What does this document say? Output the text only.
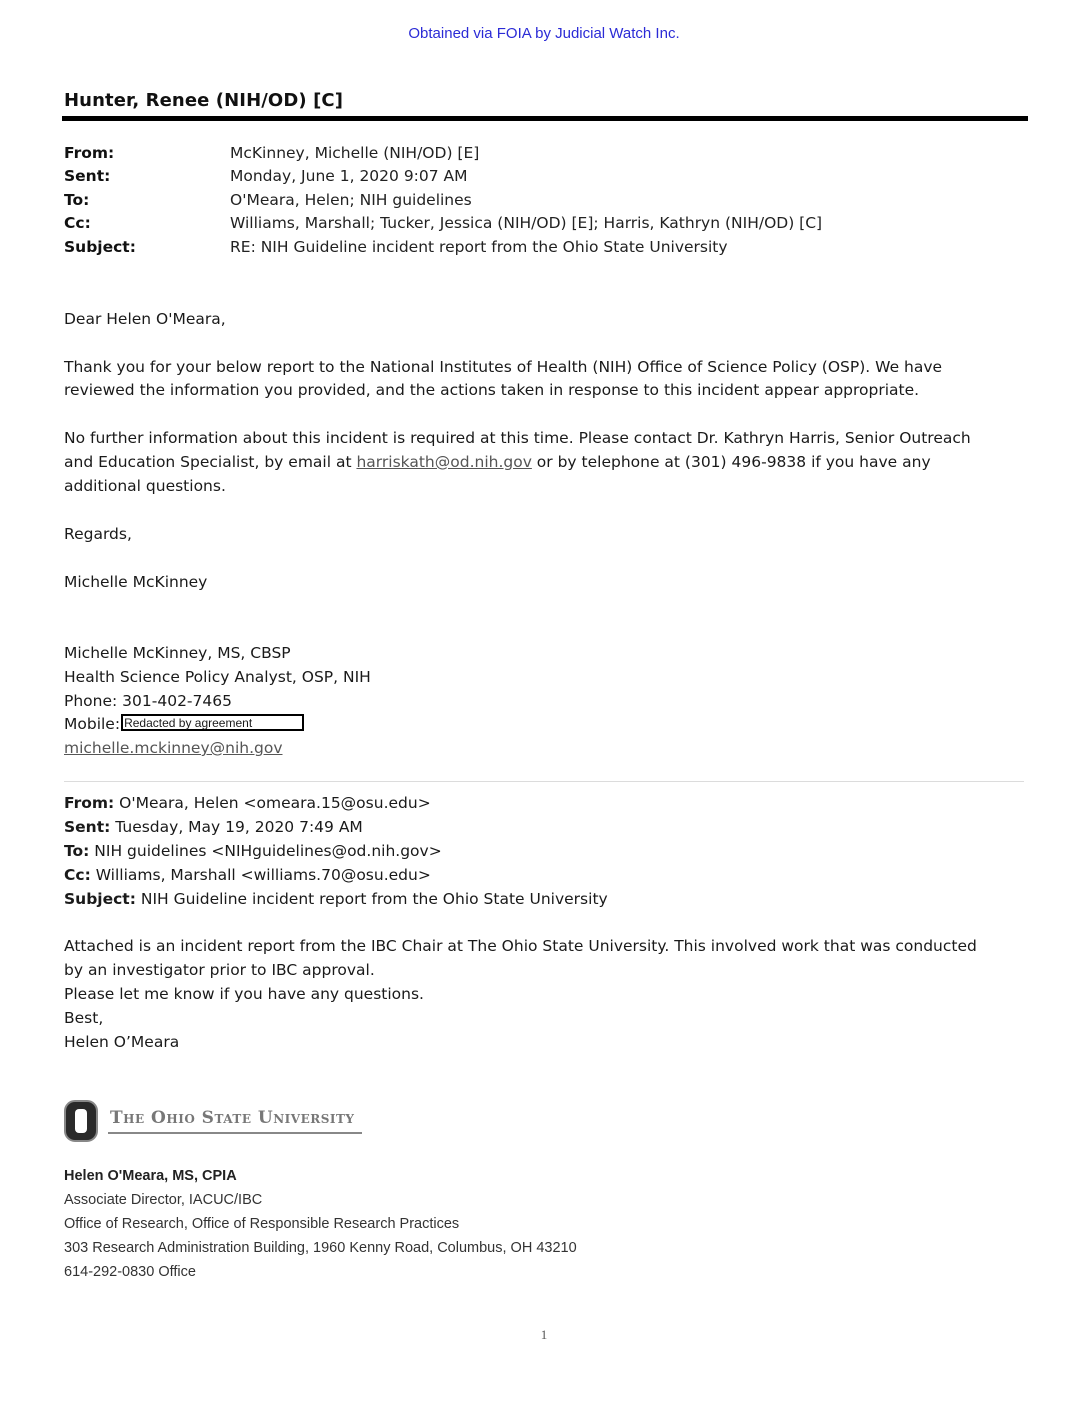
Obtained via FOIA by Judicial Watch Inc.
Hunter, Renee (NIH/OD) [C]
From:	McKinney, Michelle (NIH/OD) [E]
Sent:	Monday, June 1, 2020 9:07 AM
To:	O'Meara, Helen; NIH guidelines
Cc:	Williams, Marshall; Tucker, Jessica (NIH/OD) [E]; Harris, Kathryn (NIH/OD) [C]
Subject:	RE: NIH Guideline incident report from the Ohio State University
Dear Helen O'Meara,
Thank you for your below report to the National Institutes of Health (NIH) Office of Science Policy (OSP). We have
reviewed the information you provided, and the actions taken in response to this incident appear appropriate.
No further information about this incident is required at this time. Please contact Dr. Kathryn Harris, Senior Outreach
and Education Specialist, by email at harriskath@od.nih.gov or by telephone at (301) 496-9838 if you have any
additional questions.
Regards,
Michelle McKinney
Michelle McKinney, MS, CBSP
Health Science Policy Analyst, OSP, NIH
Phone: 301-402-7465
Mobile: Redacted by agreement
michelle.mckinney@nih.gov
From: O'Meara, Helen <omeara.15@osu.edu>
Sent: Tuesday, May 19, 2020 7:49 AM
To: NIH guidelines <NIHguidelines@od.nih.gov>
Cc: Williams, Marshall <williams.70@osu.edu>
Subject: NIH Guideline incident report from the Ohio State University
Attached is an incident report from the IBC Chair at The Ohio State University. This involved work that was conducted
by an investigator prior to IBC approval.
Please let me know if you have any questions.
Best,
Helen O’Meara
The Ohio State University
Helen O'Meara, MS, CPIA
Associate Director, IACUC/IBC
Office of Research, Office of Responsible Research Practices
303 Research Administration Building, 1960 Kenny Road, Columbus, OH 43210
614-292-0830 Office
1
